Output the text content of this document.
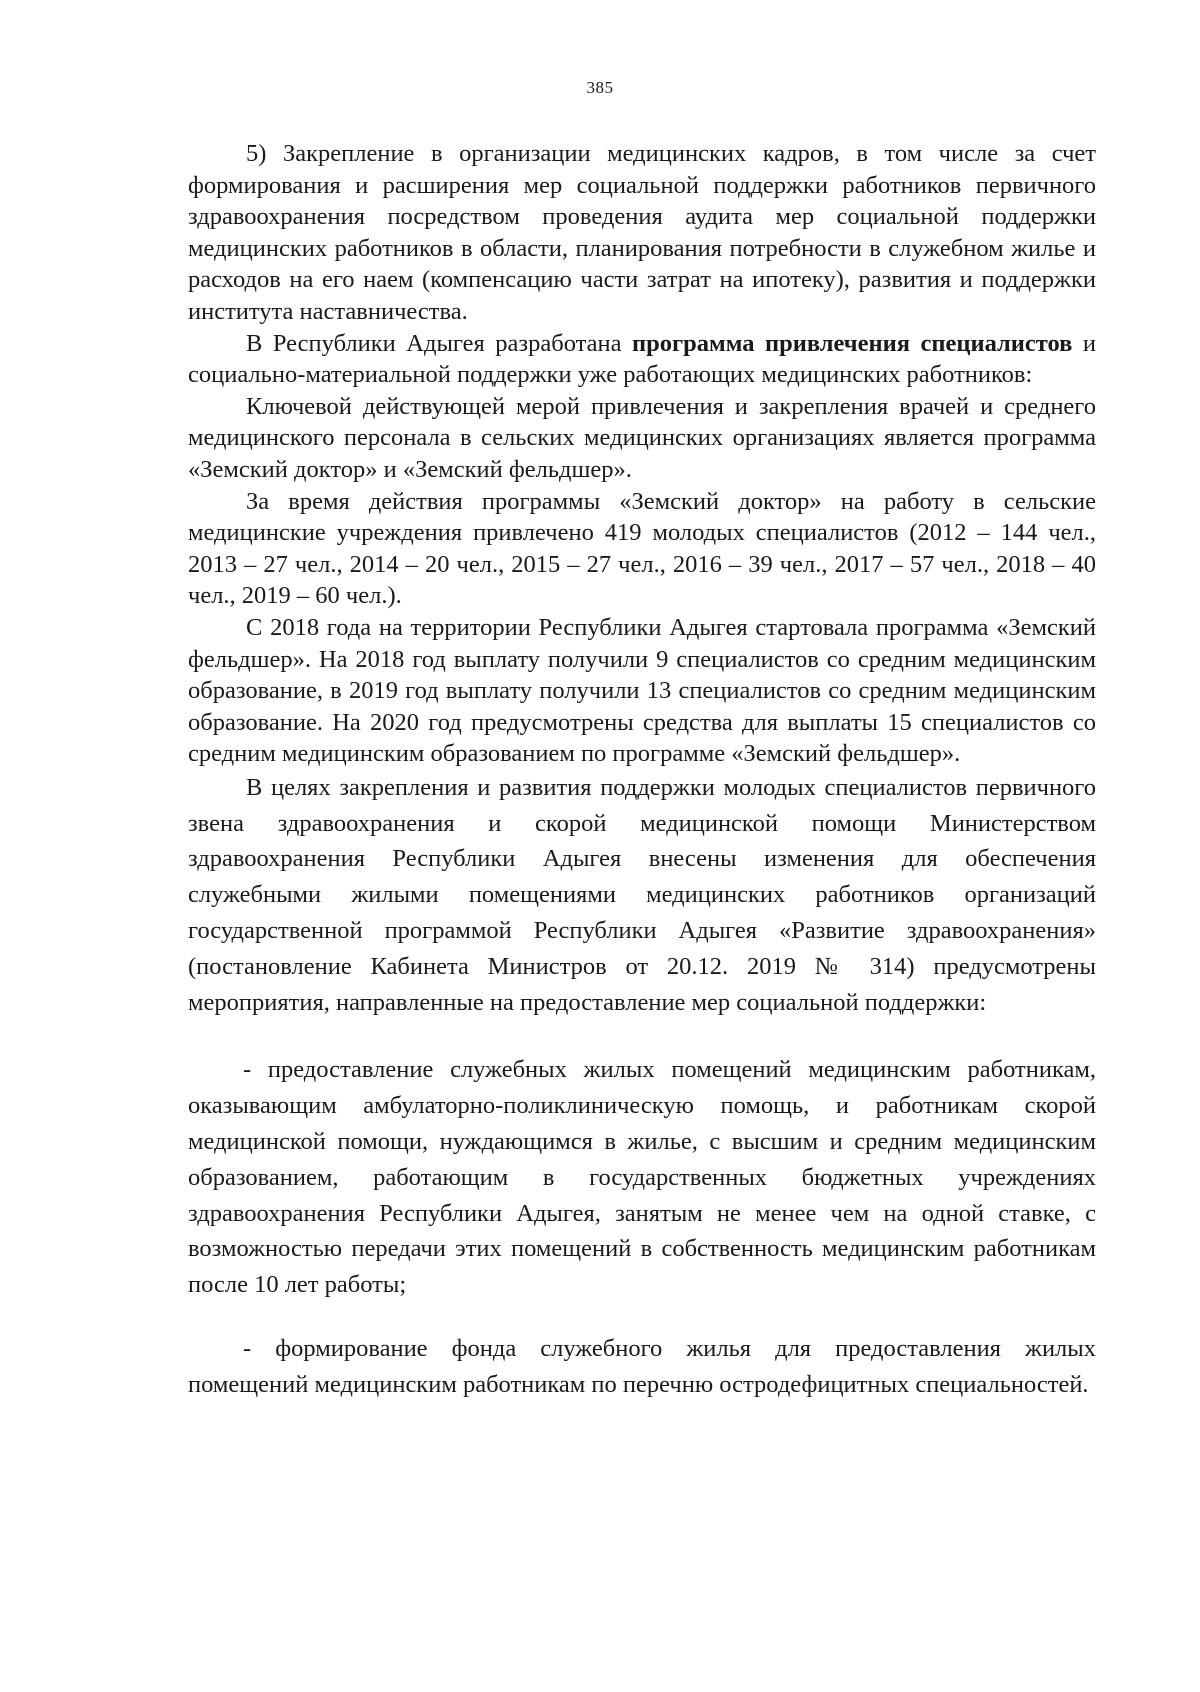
385

5) Закрепление в организации медицинских кадров, в том числе за счет формирования и расширения мер социальной поддержки работников первичного здравоохранения посредством проведения аудита мер социальной поддержки медицинских работников в области, планирования потребности в служебном жилье и расходов на его наем (компенсацию части затрат на ипотеку), развития и поддержки института наставничества.

В Республики Адыгея разработана программа привлечения специалистов и социально-материальной поддержки уже работающих медицинских работников:

Ключевой действующей мерой привлечения и закрепления врачей и среднего медицинского персонала в сельских медицинских организациях является программа «Земский доктор» и «Земский фельдшер».

За время действия программы «Земский доктор» на работу в сельские медицинские учреждения привлечено 419 молодых специалистов (2012 – 144 чел., 2013 – 27 чел., 2014 – 20 чел., 2015 – 27 чел., 2016 – 39 чел., 2017 – 57 чел., 2018 – 40 чел., 2019 – 60 чел.).

С 2018 года на территории Республики Адыгея стартовала программа «Земский фельдшер». На 2018 год выплату получили 9 специалистов со средним медицинским образование, в 2019 год выплату получили 13 специалистов со средним медицинским образование. На 2020 год предусмотрены средства для выплаты 15 специалистов со средним медицинским образованием по программе «Земский фельдшер».

В целях закрепления и развития поддержки молодых специалистов первичного звена здравоохранения и скорой медицинской помощи Министерством здравоохранения Республики Адыгея внесены изменения для обеспечения служебными жилыми помещениями медицинских работников организаций государственной программой Республики Адыгея «Развитие здравоохранения» (постановление Кабинета Министров от 20.12. 2019 № 314) предусмотрены мероприятия, направленные на предоставление мер социальной поддержки:

- предоставление служебных жилых помещений медицинским работникам, оказывающим амбулаторно-поликлиническую помощь, и работникам скорой медицинской помощи, нуждающимся в жилье, с высшим и средним медицинским образованием, работающим в государственных бюджетных учреждениях здравоохранения Республики Адыгея, занятым не менее чем на одной ставке, с возможностью передачи этих помещений в собственность медицинским работникам после 10 лет работы;

- формирование фонда служебного жилья для предоставления жилых помещений медицинским работникам по перечню остродефицитных специальностей.
